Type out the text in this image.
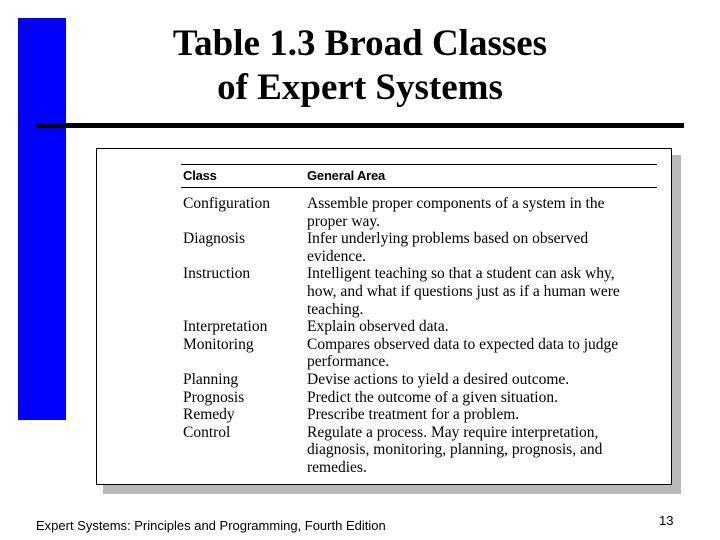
Table 1.3 Broad Classes
of Expert Systems
Class	General Area
Configuration	Assemble proper components of a system in the
proper way.
Diagnosis	Infer underlying problems based on observed
evidence.
Instruction	Intelligent teaching so that a student can ask why,
how, and what if questions just as if a human were
teaching.
Interpretation	Explain observed data.
Monitoring	Compares observed data to expected data to judge
performance.
Planning	Devise actions to yield a desired outcome.
Prognosis	Predict the outcome of a given situation.
Remedy	Prescribe treatment for a problem.
Control	Regulate a process. May require interpretation,
diagnosis, monitoring, planning, prognosis, and
remedies.
Expert Systems: Principles and Programming, Fourth Edition	13
